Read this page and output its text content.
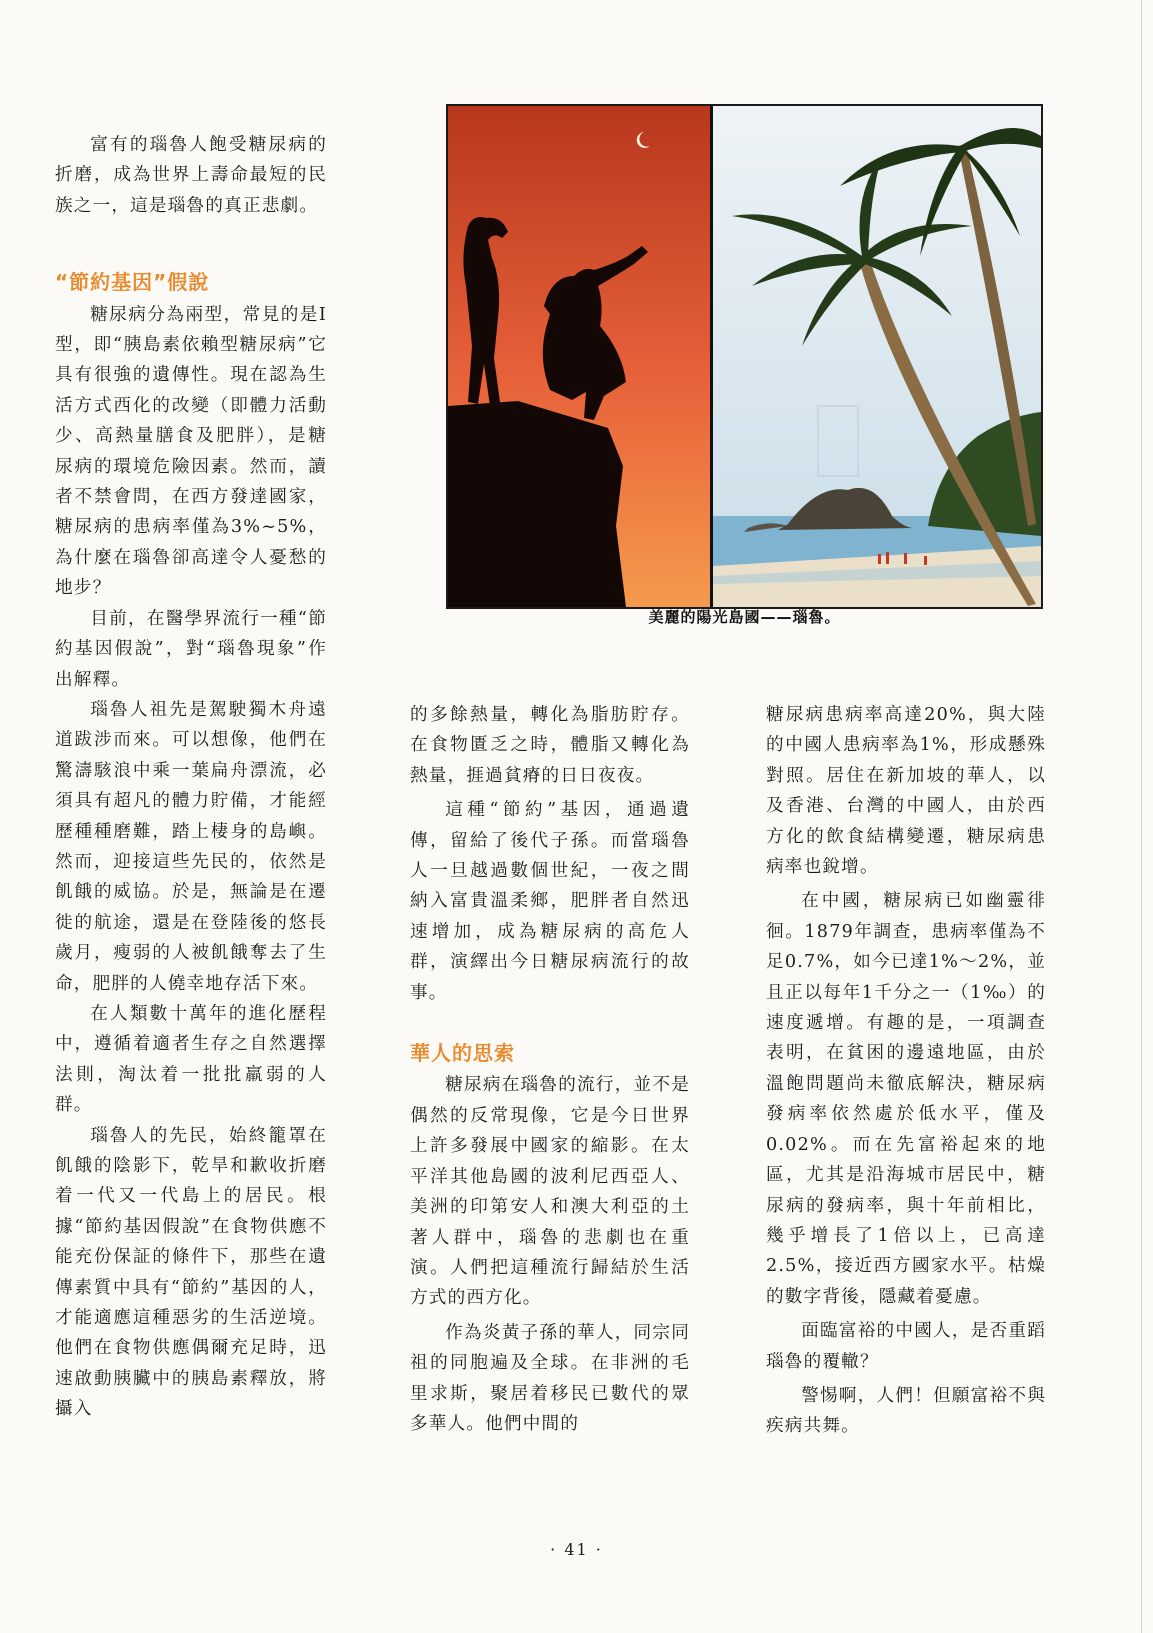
富有的瑙魯人飽受糖尿病的折磨，成為世界上壽命最短的民族之一，這是瑙魯的真正悲劇。

“節約基因”假說

糖尿病分為兩型，常見的是I型，即“胰島素依賴型糖尿病”它具有很強的遺傳性。現在認為生活方式西化的改變（即體力活動少、高熱量膳食及肥胖），是糖尿病的環境危險因素。然而，讀者不禁會問，在西方發達國家，糖尿病的患病率僅為3%~5%，為什麼在瑙魯卻高達令人憂愁的地步？

目前，在醫學界流行一種“節約基因假說”，對“瑙魯現象”作出解釋。

瑙魯人祖先是駕駛獨木舟遠道跋涉而來。可以想像，他們在驚濤駭浪中乘一葉扁舟漂流，必須具有超凡的體力貯備，才能經歷種種磨難，踏上棲身的島嶼。然而，迎接這些先民的，依然是飢餓的威協。於是，無論是在遷徙的航途，還是在登陸後的悠長歲月，瘦弱的人被飢餓奪去了生命，肥胖的人僥幸地存活下來。

在人類數十萬年的進化歷程中，遵循着適者生存之自然選擇法則，淘汰着一批批羸弱的人群。

瑙魯人的先民，始終籠罩在飢餓的陰影下，乾旱和歉收折磨着一代又一代島上的居民。根據“節約基因假說”在食物供應不能充份保証的條件下，那些在遺傳素質中具有“節約”基因的人，才能適應這種惡劣的生活逆境。他們在食物供應偶爾充足時，迅速啟動胰臟中的胰島素釋放，將攝入

美麗的陽光島國——瑙魯。

的多餘熱量，轉化為脂肪貯存。在食物匱乏之時，體脂又轉化為熱量，捱過貧瘠的日日夜夜。

這種“節約”基因，通過遺傳，留給了後代子孫。而當瑙魯人一旦越過數個世紀，一夜之間納入富貴溫柔鄉，肥胖者自然迅速增加，成為糖尿病的高危人群，演繹出今日糖尿病流行的故事。

華人的思索

糖尿病在瑙魯的流行，並不是偶然的反常現像，它是今日世界上許多發展中國家的縮影。在太平洋其他島國的波利尼西亞人、美洲的印第安人和澳大利亞的土著人群中，瑙魯的悲劇也在重演。人們把這種流行歸結於生活方式的西方化。

作為炎黃子孫的華人，同宗同祖的同胞遍及全球。在非洲的毛里求斯，聚居着移民已數代的眾多華人。他們中間的

糖尿病患病率高達20%，與大陸的中國人患病率為1%，形成懸殊對照。居住在新加坡的華人，以及香港、台灣的中國人，由於西方化的飲食結構變遷，糖尿病患病率也銳增。

在中國，糖尿病已如幽靈徘徊。1879年調查，患病率僅為不足0.7%，如今已達1%～2%，並且正以每年1千分之一（1‰）的速度遞增。有趣的是，一項調查表明，在貧困的邊遠地區，由於溫飽問題尚未徹底解決，糖尿病發病率依然處於低水平，僅及0.02%。而在先富裕起來的地區，尤其是沿海城市居民中，糖尿病的發病率，與十年前相比，幾乎增長了1倍以上，已高達2.5%，接近西方國家水平。枯燥的數字背後，隱藏着憂慮。

面臨富裕的中國人，是否重蹈瑙魯的覆轍？

警惕啊，人們！但願富裕不與疾病共舞。

· 41 ·
